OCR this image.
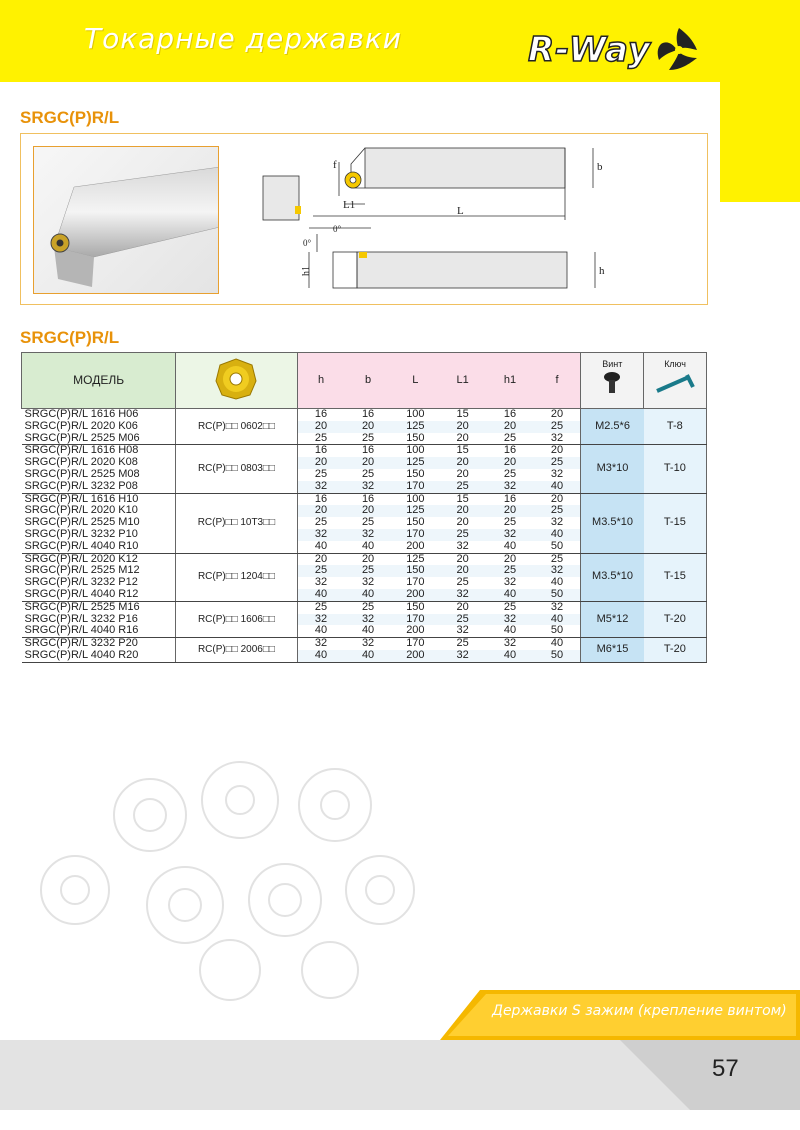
Токарные державки	R-Way
SRGC(P)R/L
f	b
L1	L
0°
0°
h1	h
SRGC(P)R/L
МОДЕЛЬ		h	b	L	L1	h1	f	Винт	Ключ

SRGC(P)R/L 1616 H06	RC(P)□□ 0602□□	16	16	100	15	16	20	M2.5*6	T-8
SRGC(P)R/L 2020 K06		20	20	125	20	20	25		
SRGC(P)R/L 2525 M06		25	25	150	20	25	32		
SRGC(P)R/L 1616 H08	RC(P)□□ 0803□□	16	16	100	15	16	20	M3*10	T-10
SRGC(P)R/L 2020 K08		20	20	125	20	20	25		
SRGC(P)R/L 2525 M08		25	25	150	20	25	32		
SRGC(P)R/L 3232 P08		32	32	170	25	32	40		
SRGC(P)R/L 1616 H10	RC(P)□□ 10T3□□	16	16	100	15	16	20	M3.5*10	T-15
SRGC(P)R/L 2020 K10		20	20	125	20	20	25		
SRGC(P)R/L 2525 M10		25	25	150	20	25	32		
SRGC(P)R/L 3232 P10		32	32	170	25	32	40		
SRGC(P)R/L 4040 R10		40	40	200	32	40	50		
SRGC(P)R/L 2020 K12	RC(P)□□ 1204□□	20	20	125	20	20	25	M3.5*10	T-15
SRGC(P)R/L 2525 M12		25	25	150	20	25	32		
SRGC(P)R/L 3232 P12		32	32	170	25	32	40		
SRGC(P)R/L 4040 R12		40	40	200	32	40	50		
SRGC(P)R/L 2525 M16	RC(P)□□ 1606□□	25	25	150	20	25	32	M5*12	T-20
SRGC(P)R/L 3232 P16		32	32	170	25	32	40		
SRGC(P)R/L 4040 R16		40	40	200	32	40	50		
SRGC(P)R/L 3232 P20	RC(P)□□ 2006□□	32	32	170	25	32	40	M6*15	T-20
SRGC(P)R/L 4040 R20		40	40	200	32	40	50		
Державки S зажим (крепление винтом)
57
